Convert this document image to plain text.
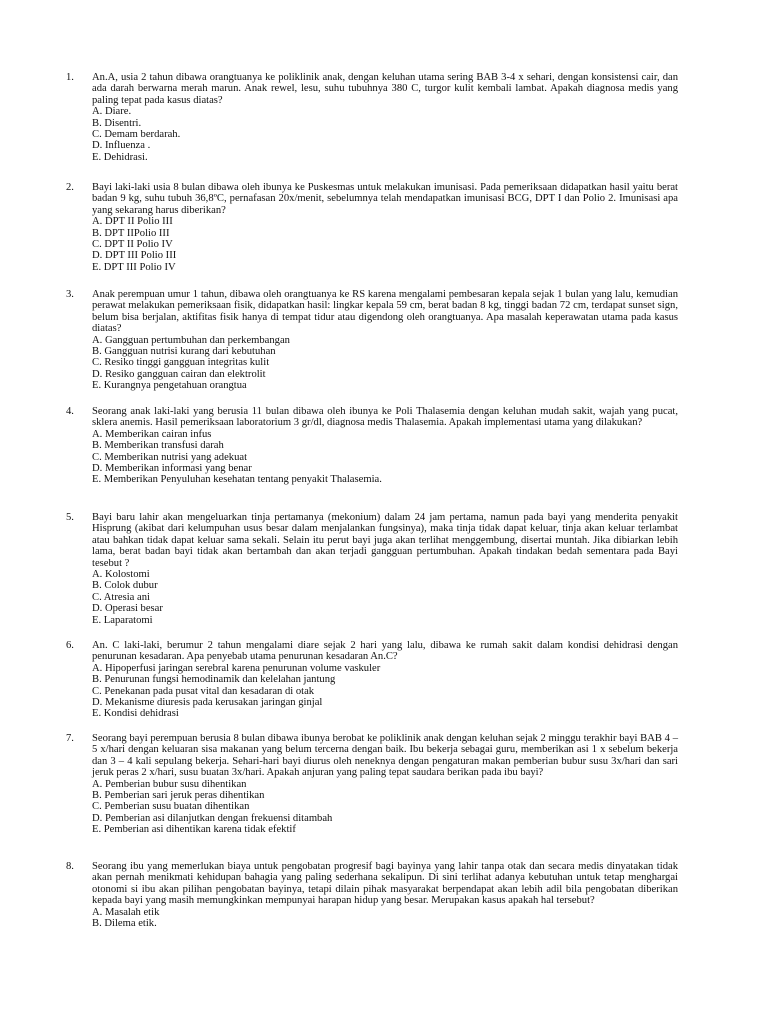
1. An.A, usia 2 tahun dibawa orangtuanya ke poliklinik anak, dengan keluhan utama sering BAB 3-4 x sehari, dengan konsistensi cair, dan ada darah berwarna merah marun. Anak rewel, lesu, suhu tubuhnya 380 C, turgor kulit kembali lambat. Apakah diagnosa medis yang paling tepat pada kasus diatas?
A. Diare.
B. Disentri.
C. Demam berdarah.
D. Influenza .
E. Dehidrasi.
2. Bayi laki-laki usia 8 bulan dibawa oleh ibunya ke Puskesmas untuk melakukan imunisasi. Pada pemeriksaan didapatkan hasil yaitu berat badan 9 kg, suhu tubuh 36,8ºC, pernafasan 20x/menit, sebelumnya telah mendapatkan imunisasi BCG, DPT I dan Polio 2. Imunisasi apa yang sekarang harus diberikan?
A. DPT II Polio III
B. DPT IIPolio III
C. DPT II Polio IV
D. DPT III Polio III
E. DPT III Polio IV
3. Anak perempuan umur 1 tahun, dibawa oleh orangtuanya ke RS karena mengalami pembesaran kepala sejak 1 bulan yang lalu, kemudian perawat melakukan pemeriksaan fisik, didapatkan hasil: lingkar kepala 59 cm, berat badan 8 kg, tinggi badan 72 cm, terdapat sunset sign, belum bisa berjalan, aktifitas fisik hanya di tempat tidur atau digendong oleh orangtuanya. Apa masalah keperawatan utama pada kasus diatas?
A. Gangguan pertumbuhan dan perkembangan
B. Gangguan nutrisi kurang dari kebutuhan
C. Resiko tinggi gangguan integritas kulit
D. Resiko gangguan cairan dan elektrolit
E. Kurangnya pengetahuan orangtua
4. Seorang anak laki-laki yang berusia 11 bulan dibawa oleh ibunya ke Poli Thalasemia dengan keluhan mudah sakit, wajah yang pucat, sklera anemis. Hasil pemeriksaan laboratorium 3 gr/dl, diagnosa medis Thalasemia. Apakah implementasi utama yang dilakukan?
A. Memberikan cairan infus
B. Memberikan transfusi darah
C. Memberikan nutrisi yang adekuat
D. Memberikan informasi yang benar
E. Memberikan Penyuluhan kesehatan tentang penyakit Thalasemia.
5. Bayi baru lahir akan mengeluarkan tinja pertamanya (mekonium) dalam 24 jam pertama, namun pada bayi yang menderita penyakit Hisprung (akibat dari kelumpuhan usus besar dalam menjalankan fungsinya), maka tinja tidak dapat keluar, tinja akan keluar terlambat atau bahkan tidak dapat keluar sama sekali. Selain itu perut bayi juga akan terlihat menggembung, disertai muntah. Jika dibiarkan lebih lama, berat badan bayi tidak akan bertambah dan akan terjadi gangguan pertumbuhan. Apakah tindakan bedah sementara pada Bayi tesebut ?
A. Kolostomi
B. Colok dubur
C. Atresia ani
D. Operasi besar
E. Laparatomi
6. An. C laki-laki, berumur 2 tahun mengalami diare sejak 2 hari yang lalu, dibawa ke rumah sakit dalam kondisi dehidrasi dengan penurunan kesadaran. Apa penyebab utama penurunan kesadaran An.C?
A. Hipoperfusi jaringan serebral karena penurunan volume vaskuler
B. Penurunan fungsi hemodinamik dan kelelahan jantung
C. Penekanan pada pusat vital dan kesadaran di otak
D. Mekanisme diuresis pada kerusakan jaringan ginjal
E. Kondisi dehidrasi
7. Seorang bayi perempuan berusia 8 bulan dibawa ibunya berobat ke poliklinik anak dengan keluhan sejak 2 minggu terakhir bayi BAB 4 – 5 x/hari dengan keluaran sisa makanan yang belum tercerna dengan baik. Ibu bekerja sebagai guru, memberikan asi 1 x sebelum bekerja dan 3 – 4 kali sepulang bekerja. Sehari-hari bayi diurus oleh neneknya dengan pengaturan makan pemberian bubur susu 3x/hari dan sari jeruk peras 2 x/hari, susu buatan 3x/hari. Apakah anjuran yang paling tepat saudara berikan pada ibu bayi?
A. Pemberian bubur susu dihentikan
B. Pemberian sari jeruk peras dihentikan
C. Pemberian susu buatan dihentikan
D. Pemberian asi dilanjutkan dengan frekuensi ditambah
E. Pemberian asi dihentikan karena tidak efektif
8. Seorang ibu yang memerlukan biaya untuk pengobatan progresif bagi bayinya yang lahir tanpa otak dan secara medis dinyatakan tidak akan pernah menikmati kehidupan bahagia yang paling sederhana sekalipun. Di sini terlihat adanya kebutuhan untuk tetap menghargai otonomi si ibu akan pilihan pengobatan bayinya, tetapi dilain pihak masyarakat berpendapat akan lebih adil bila pengobatan diberikan kepada bayi yang masih memungkinkan mempunyai harapan hidup yang besar. Merupakan kasus apakah hal tersebut?
A. Masalah etik
B. Dilema etik.
